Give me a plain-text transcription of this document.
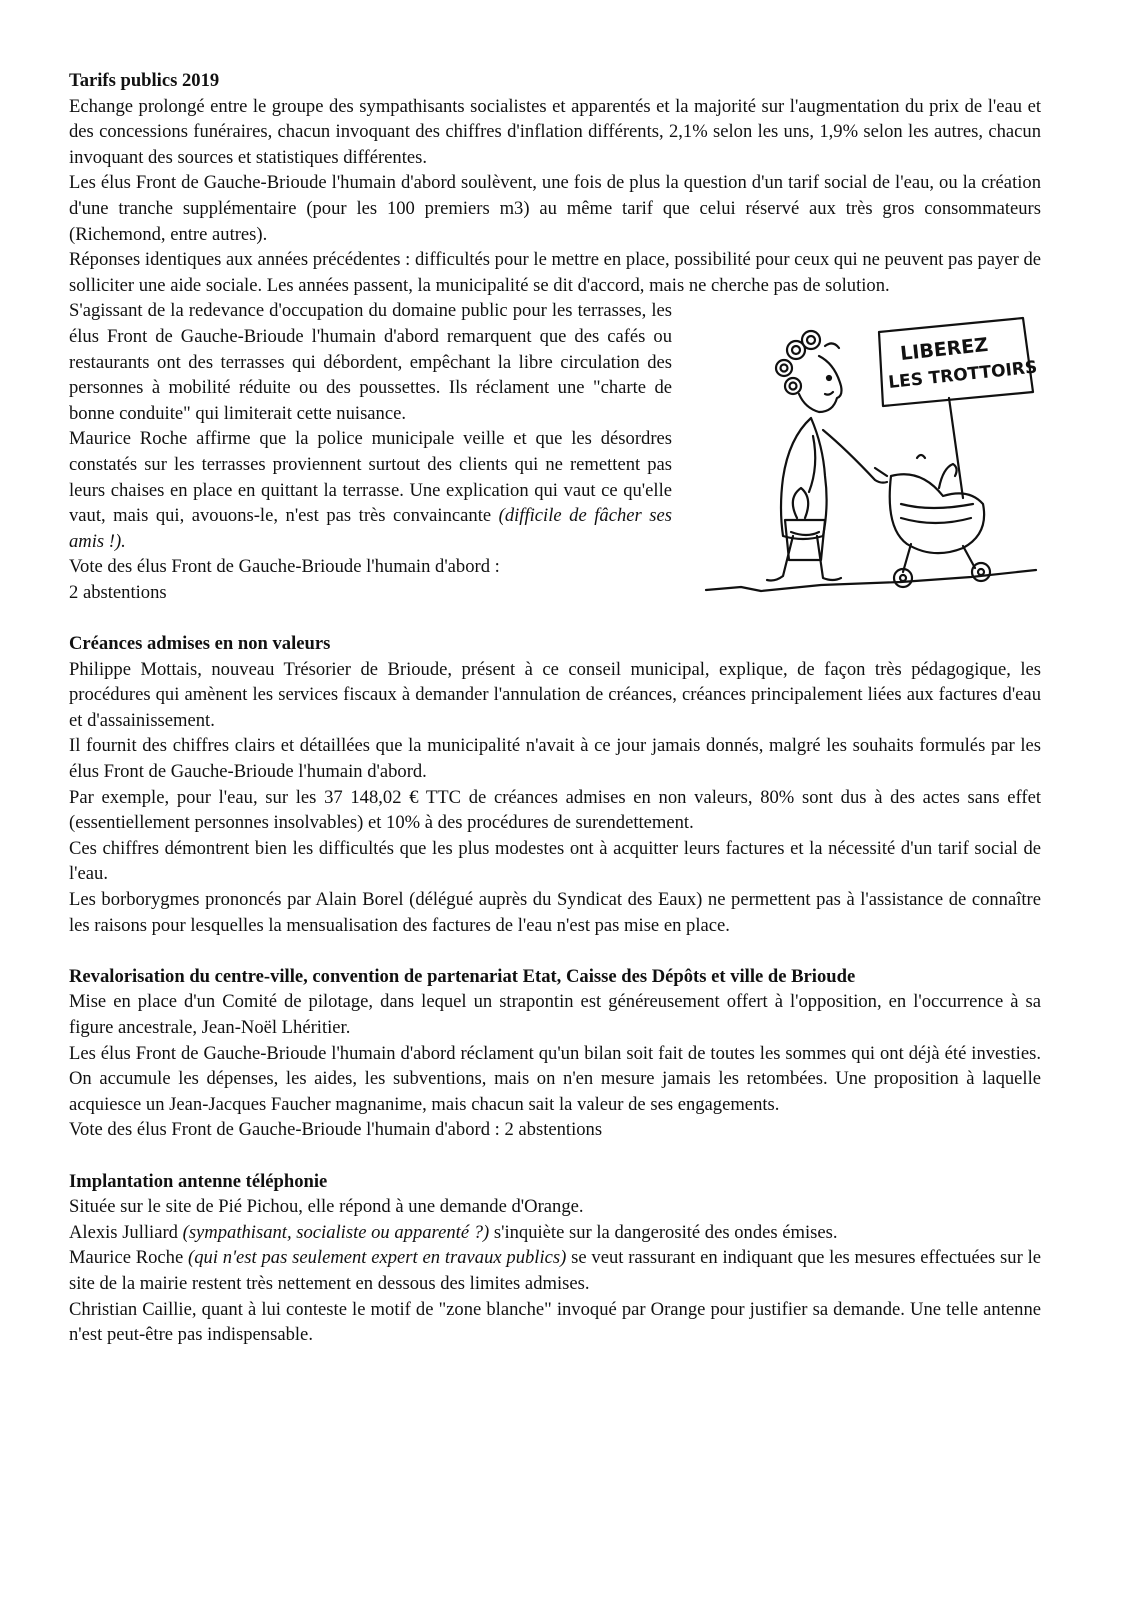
Tarifs publics 2019

Echange prolongé entre le groupe des sympathisants socialistes et apparentés et la majorité sur l'augmentation du prix de l'eau et des concessions funéraires, chacun invoquant des chiffres d'inflation différents, 2,1% selon les uns, 1,9% selon les autres, chacun invoquant des sources et statistiques différentes.

Les élus Front de Gauche-Brioude l'humain d'abord soulèvent, une fois de plus la question d'un tarif social de l'eau, ou la création d'une tranche supplémentaire (pour les 100 premiers m3) au même tarif que celui réservé aux très gros consommateurs (Richemond, entre autres).

Réponses identiques aux années précédentes : difficultés pour le mettre en place, possibilité pour ceux qui ne peuvent pas payer de solliciter une aide sociale. Les années passent, la municipalité se dit d'accord, mais ne cherche pas de solution.

S'agissant de la redevance d'occupation du domaine public pour les terrasses, les élus Front de Gauche-Brioude l'humain d'abord remarquent que des cafés ou restaurants ont des terrasses qui débordent, empêchant la libre circulation des personnes à mobilité réduite ou des poussettes. Ils réclament une "charte de bonne conduite" qui limiterait cette nuisance.

Maurice Roche affirme que la police municipale veille et que les désordres constatés sur les terrasses proviennent surtout des clients qui ne remettent pas leurs chaises en place en quittant la terrasse. Une explication qui vaut ce qu'elle vaut, mais qui, avouons-le, n'est pas très convaincante (difficile de fâcher ses amis !).

Vote des élus Front de Gauche-Brioude l'humain d'abord :

2 abstentions

LIBEREZ
LES TROTTOIRS
Créances admises en non valeurs

Philippe Mottais, nouveau Trésorier de Brioude, présent à ce conseil municipal, explique, de façon très pédagogique, les procédures qui amènent les services fiscaux à demander l'annulation de créances, créances principalement liées aux factures d'eau et d'assainissement.

Il fournit des chiffres clairs et détaillées que la municipalité n'avait à ce jour jamais donnés, malgré les souhaits formulés par les élus Front de Gauche-Brioude l'humain d'abord.

Par exemple, pour l'eau, sur les 37 148,02 € TTC de créances admises en non valeurs, 80% sont dus à des actes sans effet (essentiellement personnes insolvables) et 10% à des procédures de surendettement.

Ces chiffres démontrent bien les difficultés que les plus modestes ont à acquitter leurs factures et la nécessité d'un tarif social de l'eau.

Les borborygmes prononcés par Alain Borel (délégué auprès du Syndicat des Eaux) ne permettent pas à l'assistance de connaître les raisons pour lesquelles la mensualisation des factures de l'eau n'est pas mise en place.

Revalorisation du centre-ville, convention de partenariat Etat, Caisse des Dépôts et ville de Brioude

Mise en place d'un Comité de pilotage, dans lequel un strapontin est généreusement offert à l'opposition, en l'occurrence à sa figure ancestrale, Jean-Noël Lhéritier.

Les élus Front de Gauche-Brioude l'humain d'abord réclament qu'un bilan soit fait de toutes les sommes qui ont déjà été investies. On accumule les dépenses, les aides, les subventions, mais on n'en mesure jamais les retombées. Une proposition à laquelle acquiesce un Jean-Jacques Faucher magnanime, mais chacun sait la valeur de ses engagements.

Vote des élus Front de Gauche-Brioude l'humain d'abord : 2 abstentions

Implantation antenne téléphonie

Située sur le site de Pié Pichou, elle répond à une demande d'Orange.

Alexis Julliard (sympathisant, socialiste ou apparenté ?) s'inquiète sur la dangerosité des ondes émises.

Maurice Roche (qui n'est pas seulement expert en travaux publics) se veut rassurant en indiquant que les mesures effectuées sur le site de la mairie restent très nettement en dessous des limites admises.

Christian Caillie, quant à lui conteste le motif de "zone blanche" invoqué par Orange pour justifier sa demande. Une telle antenne n'est peut-être pas indispensable.
